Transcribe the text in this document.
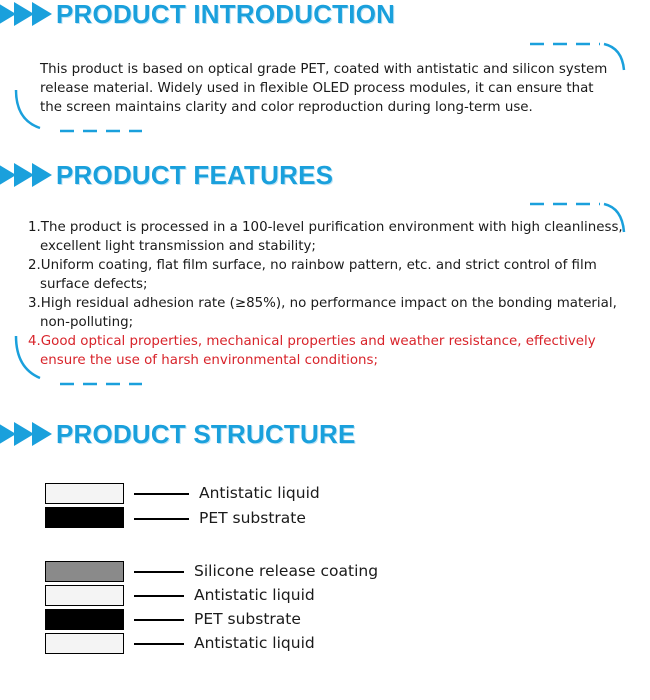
PRODUCT INTRODUCTION
This product is based on optical grade PET, coated with antistatic and silicon system
release material. Widely used in flexible OLED process modules, it can ensure that
the screen maintains clarity and color reproduction during long-term use.
PRODUCT FEATURES

1.The product is processed in a 100-level purification environment with high cleanliness, excellent light transmission and stability;

2.Uniform coating, flat film surface, no rainbow pattern, etc. and strict control of film surface defects;

3.High residual adhesion rate (≥85%), no performance impact on the bonding material, non-polluting;

4.Good optical properties, mechanical properties and weather resistance, effectively ensure the use of harsh environmental conditions;

PRODUCT STRUCTURE
Antistatic liquid
PET substrate
Silicone release coating
Antistatic liquid
PET substrate
Antistatic liquid
